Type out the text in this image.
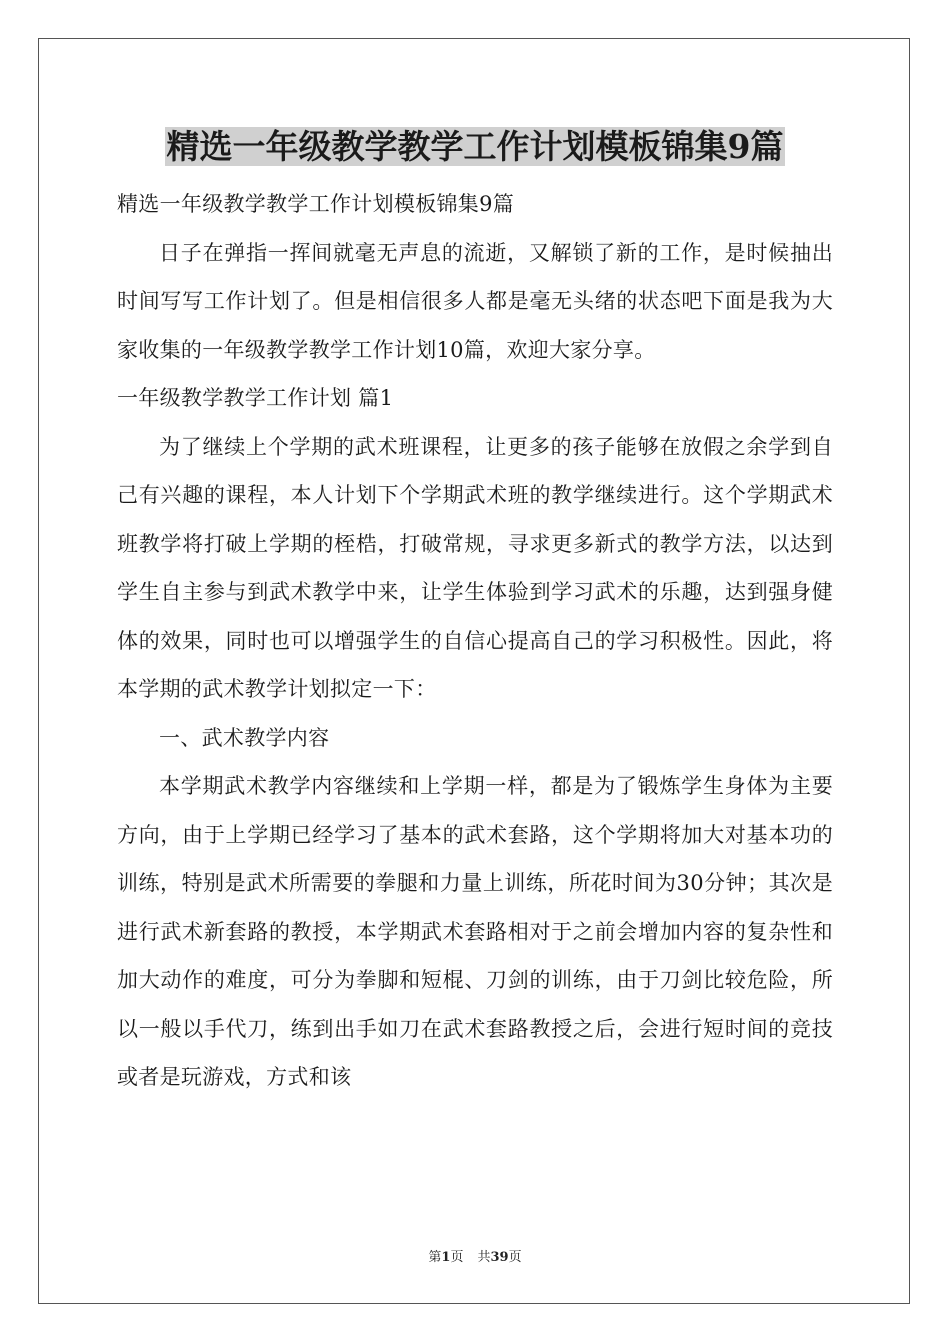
精选一年级教学教学工作计划模板锦集9篇

精选一年级教学教学工作计划模板锦集9篇

日子在弹指一挥间就毫无声息的流逝，又解锁了新的工作，是时候抽出时间写写工作计划了。但是相信很多人都是毫无头绪的状态吧下面是我为大家收集的一年级教学教学工作计划10篇，欢迎大家分享。

一年级教学教学工作计划 篇1

为了继续上个学期的武术班课程，让更多的孩子能够在放假之余学到自己有兴趣的课程，本人计划下个学期武术班的教学继续进行。这个学期武术班教学将打破上学期的桎梏，打破常规，寻求更多新式的教学方法，以达到学生自主参与到武术教学中来，让学生体验到学习武术的乐趣，达到强身健体的效果，同时也可以增强学生的自信心提高自己的学习积极性。因此，将本学期的武术教学计划拟定一下：

一、武术教学内容

本学期武术教学内容继续和上学期一样，都是为了锻炼学生身体为主要方向，由于上学期已经学习了基本的武术套路，这个学期将加大对基本功的训练，特别是武术所需要的拳腿和力量上训练，所花时间为30分钟；其次是进行武术新套路的教授，本学期武术套路相对于之前会增加内容的复杂性和加大动作的难度，可分为拳脚和短棍、刀剑的训练，由于刀剑比较危险，所以一般以手代刀，练到出手如刀在武术套路教授之后，会进行短时间的竞技或者是玩游戏，方式和该

第1页 共39页
